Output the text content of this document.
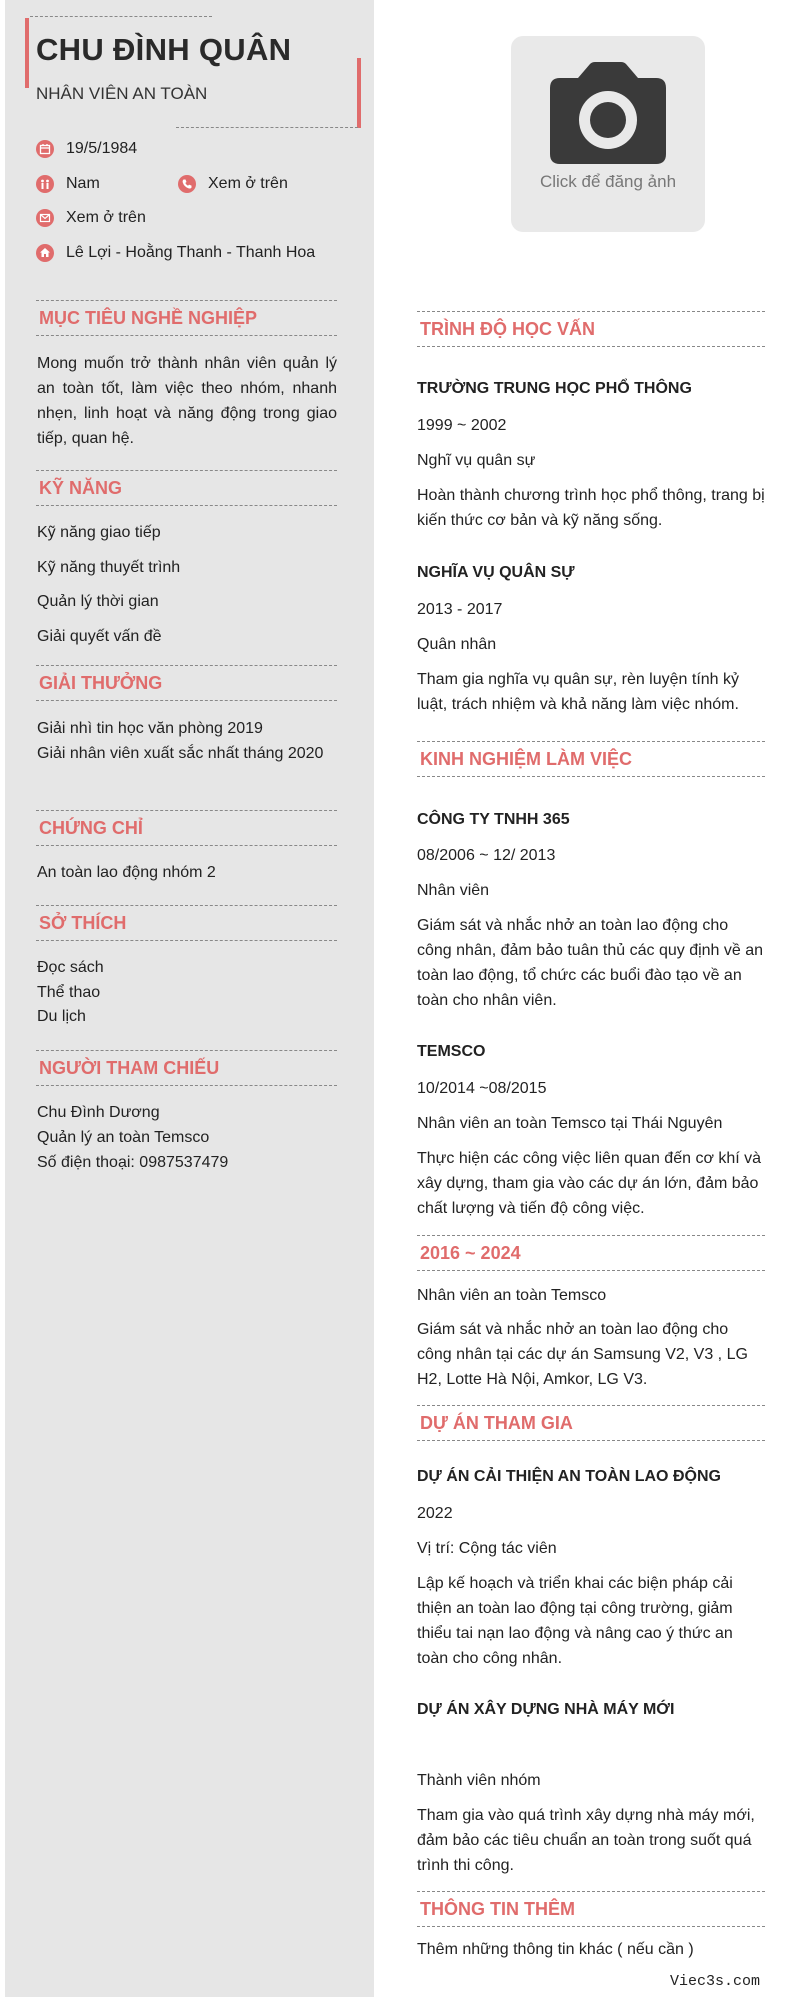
CHU ĐÌNH QUÂN
NHÂN VIÊN AN TOÀN
19/5/1984
Nam	Xem ở trên
Xem ở trên
Lê Lợi - Hoằng Thanh - Thanh Hoa
Click để đăng ảnh
MỤC TIÊU NGHỀ NGHIỆP
Mong muốn trở thành nhân viên quản lý an toàn tốt, làm việc theo nhóm, nhanh nhẹn, linh hoạt và năng động trong giao tiếp, quan hệ.
KỸ NĂNG
Kỹ năng giao tiếp
Kỹ năng thuyết trình
Quản lý thời gian
Giải quyết vấn đề
GIẢI THƯỞNG
Giải nhì tin học văn phòng 2019
Giải nhân viên xuất sắc nhất tháng 2020
CHỨNG CHỈ
An toàn lao động nhóm 2
SỞ THÍCH
Đọc sách
Thể thao
Du lịch
NGƯỜI THAM CHIẾU
Chu Đình Dương
Quản lý an toàn Temsco
Số điện thoại: 0987537479
TRÌNH ĐỘ HỌC VẤN
TRƯỜNG TRUNG HỌC PHỔ THÔNG
1999 ~ 2002
Nghĩ vụ quân sự
Hoàn thành chương trình học phổ thông, trang bị kiến thức cơ bản và kỹ năng sống.
NGHĨA VỤ QUÂN SỰ
2013 - 2017
Quân nhân
Tham gia nghĩa vụ quân sự, rèn luyện tính kỷ luật, trách nhiệm và khả năng làm việc nhóm.
KINH NGHIỆM LÀM VIỆC
CÔNG TY TNHH 365
08/2006 ~ 12/ 2013
Nhân viên
Giám sát và nhắc nhở an toàn lao động cho công nhân, đảm bảo tuân thủ các quy định về an toàn lao động, tổ chức các buổi đào tạo về an toàn cho nhân viên.
TEMSCO
10/2014 ~08/2015
Nhân viên an toàn Temsco tại Thái Nguyên
Thực hiện các công việc liên quan đến cơ khí và xây dựng, tham gia vào các dự án lớn, đảm bảo chất lượng và tiến độ công việc.
2016 ~ 2024
Nhân viên an toàn Temsco
Giám sát và nhắc nhở an toàn lao động cho công nhân tại các dự án Samsung V2, V3 , LG H2, Lotte Hà Nội, Amkor, LG V3.
DỰ ÁN THAM GIA
DỰ ÁN CẢI THIỆN AN TOÀN LAO ĐỘNG
2022
Vị trí: Cộng tác viên
Lập kế hoạch và triển khai các biện pháp cải thiện an toàn lao động tại công trường, giảm thiểu tai nạn lao động và nâng cao ý thức an toàn cho công nhân.
DỰ ÁN XÂY DỰNG NHÀ MÁY MỚI
Thành viên nhóm
Tham gia vào quá trình xây dựng nhà máy mới, đảm bảo các tiêu chuẩn an toàn trong suốt quá trình thi công.
THÔNG TIN THÊM
Thêm những thông tin khác ( nếu cần )
Viec3s.com
